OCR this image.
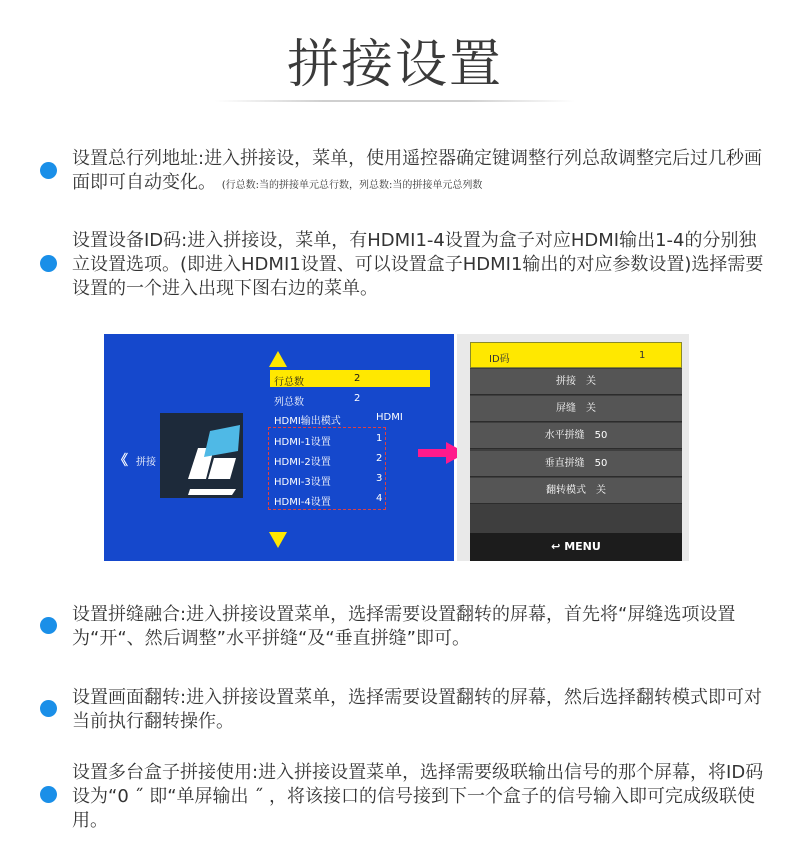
拼接设置
设置总行列地址:进入拼接设，菜单，使用遥控器确定键调整行列总敌调整完后过几秒画面即可自动变化。 (行总数:当的拼接单元总行数，列总数:当的拼接单元总列数
设置设备ID码:进入拼接设，菜单，有HDMI1-4设置为盒子对应HDMI输出1-4的分别独立设置选项。(即进入HDMI1设置、可以设置盒子HDMI1输出的对应参数设置)选择需要设置的一个进入出现下图右边的菜单。
《 拼接
行总数	2
列总数	2
HDMI输出模式	HDMI
HDMI-1设置	1
HDMI-2设置	2
HDMI-3设置	3
HDMI-4设置	4
ID码	1
拼接　关
屏缝　关
水平拼缝　50
垂直拼缝　50
翻转模式　关
↩ MENU
设置拼缝融合:进入拼接设置菜单，选择需要设置翻转的屏幕，首先将“屏缝选项设置为“开“、然后调整”水平拼缝“及“垂直拼缝”即可。
设置画面翻转:进入拼接设置菜单，选择需要设置翻转的屏幕，然后选择翻转模式即可对当前执行翻转操作。
设置多台盒子拼接使用:进入拼接设置菜单，选择需要级联输出信号的那个屏幕，将ID码设为“0 ˝ 即“单屏输出 ˝ ，将该接口的信号接到下一个盒子的信号输入即可完成级联使用。
